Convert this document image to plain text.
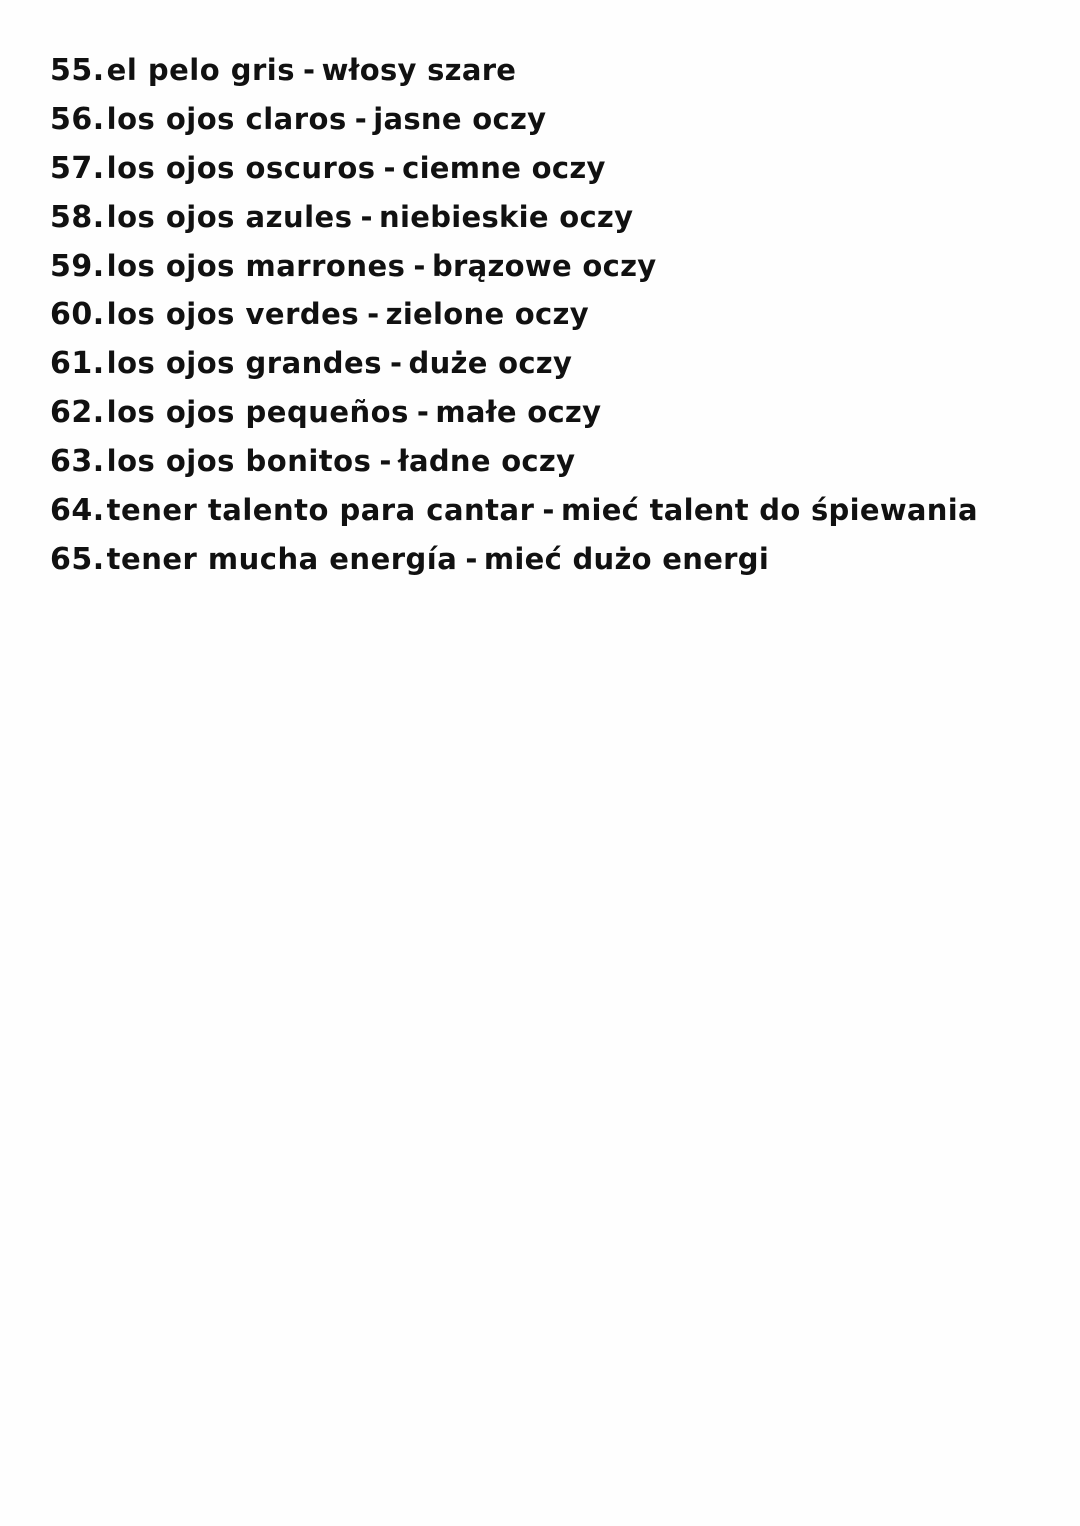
55.el pelo gris - włosy szare
56.los ojos claros - jasne oczy
57.los ojos oscuros - ciemne oczy
58.los ojos azules - niebieskie oczy
59.los ojos marrones - brązowe oczy
60.los ojos verdes - zielone oczy
61.los ojos grandes - duże oczy
62.los ojos pequeños - małe oczy
63.los ojos bonitos - ładne oczy
64.tener talento para cantar - mieć talent do śpiewania
65.tener mucha energía - mieć dużo energi
